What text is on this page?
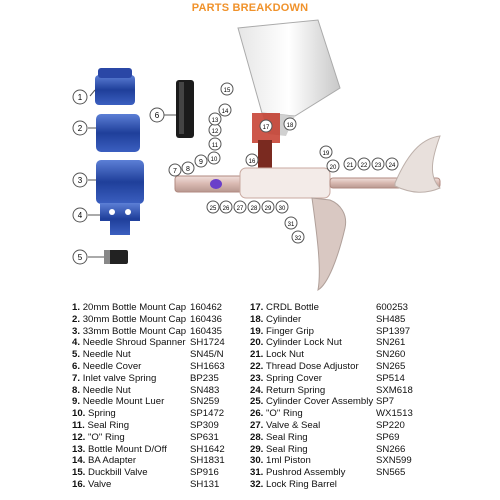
PARTS BREAKDOWN
1
2
3
4
5
6
7 8
9 10
11
12
13
14
15
16
17	18
19
20 21 22 23 24
25 26 27 28 29 30
31
32
1. 20mm Bottle Mount Cap 160462
2. 30mm Bottle Mount Cap 160436
3. 33mm Bottle Mount Cap 160435
4. Needle Shroud Spanner SH1724
5. Needle Nut	SN45/N
6. Needle Cover	SH1663
7. Inlet valve Spring	BP235
8. Needle Nut	SN483
9. Needle Mount Luer	SN259
10. Spring	SP1472
11. Seal Ring	SP309
12. "O" Ring	SP631
13. Bottle Mount D/Off SH1642
14. BA Adapter	SH1831
15. Duckbill Valve	SP916
16. Valve	SH131
17. CRDL Bottle	600253
18. Cylinder	SH485
19. Finger Grip	SP1397
20. Cylinder Lock Nut	SN261
21. Lock Nut	SN260
22. Thread Dose Adjustor SN265
23. Spring Cover	SP514
24. Return Spring	SXM618
25. Cylinder Cover Assembly SP7
26. "O" Ring	WX1513
27. Valve & Seal	SP220
28. Seal Ring	SP69
29. Seal Ring	SN266
30. 1ml Piston	SXN599
31. Pushrod Assembly	SN565
32. Lock Ring Barrel
